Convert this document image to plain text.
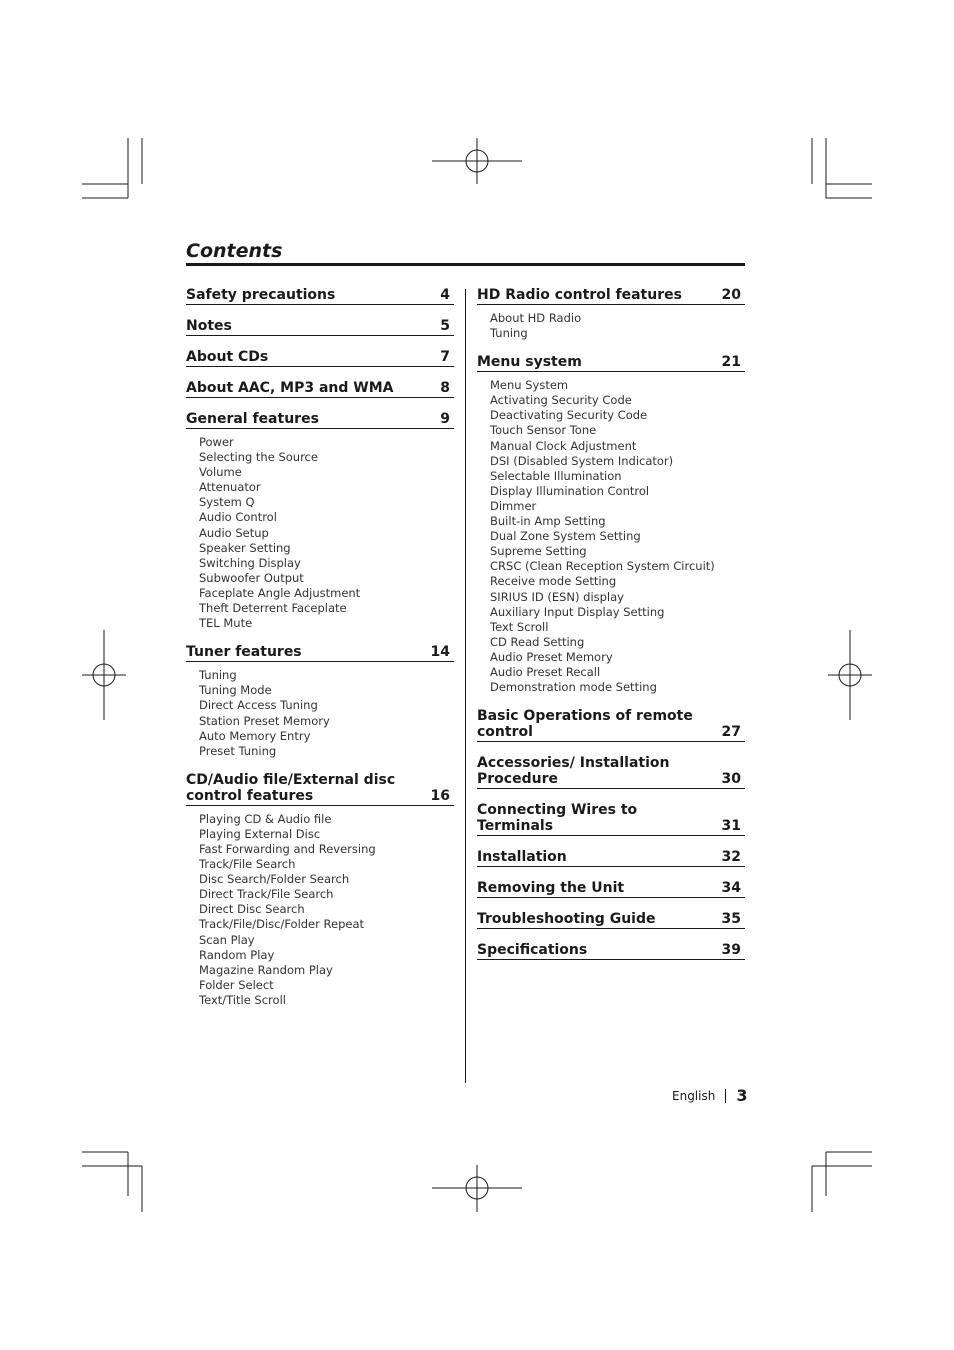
Contents
Safety precautions	4
Notes	5
About CDs	7
About AAC, MP3 and WMA	8
General features	9
Power
Selecting the Source
Volume
Attenuator
System Q
Audio Control
Audio Setup
Speaker Setting
Switching Display
Subwoofer Output
Faceplate Angle Adjustment
Theft Deterrent Faceplate
TEL Mute
Tuner features	14
Tuning
Tuning Mode
Direct Access Tuning
Station Preset Memory
Auto Memory Entry
Preset Tuning
CD/Audio file/External disc control features	16
Playing CD & Audio file
Playing External Disc
Fast Forwarding and Reversing
Track/File Search
Disc Search/Folder Search
Direct Track/File Search
Direct Disc Search
Track/File/Disc/Folder Repeat
Scan Play
Random Play
Magazine Random Play
Folder Select
Text/Title Scroll
HD Radio control features	20
About HD Radio
Tuning
Menu system	21
Menu System
Activating Security Code
Deactivating Security Code
Touch Sensor Tone
Manual Clock Adjustment
DSI (Disabled System Indicator)
Selectable Illumination
Display Illumination Control
Dimmer
Built-in Amp Setting
Dual Zone System Setting
Supreme Setting
CRSC (Clean Reception System Circuit)
Receive mode Setting
SIRIUS ID (ESN) display
Auxiliary Input Display Setting
Text Scroll
CD Read Setting
Audio Preset Memory
Audio Preset Recall
Demonstration mode Setting
Basic Operations of remote control	27
Accessories/ Installation Procedure	30
Connecting Wires to Terminals	31
Installation	32
Removing the Unit	34
Troubleshooting Guide	35
Specifications	39
English	3
